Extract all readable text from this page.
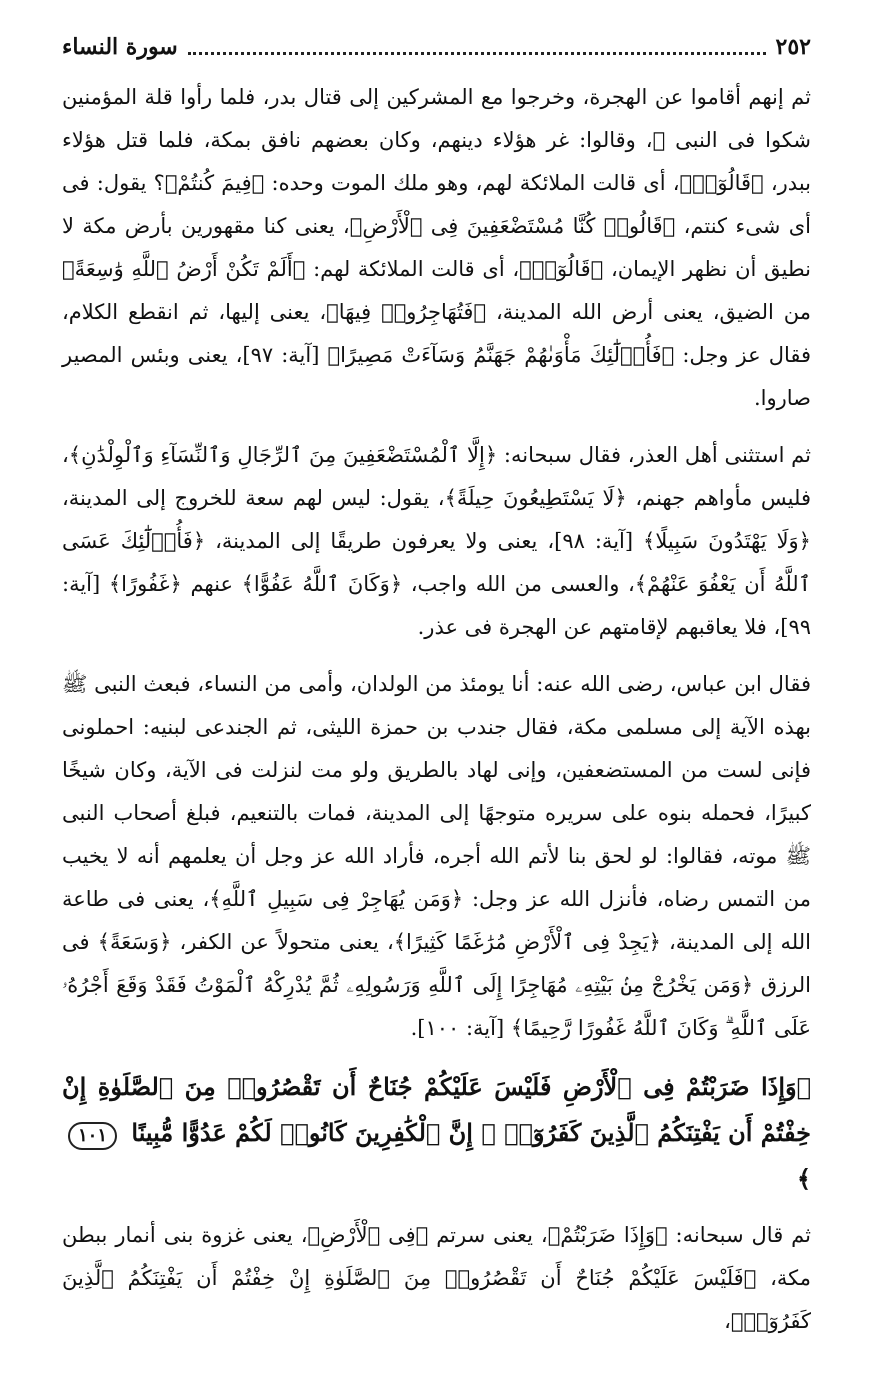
٢٥٢
سورة النساء

ثم إنهم أقاموا عن الهجرة، وخرجوا مع المشركين إلى قتال بدر، فلما رأوا قلة المؤمنين شكوا فى النبى ﷺ، وقالوا: غر هؤلاء دينهم، وكان بعضهم نافق بمكة، فلما قتل هؤلاء ببدر، ﴿قَالُوٓا۟﴾، أى قالت الملائكة لهم، وهو ملك الموت وحده: ﴿فِيمَ كُنتُمْ﴾؟ يقول: فى أى شىء كنتم، ﴿قَالُوا۟ كُنَّا مُسْتَضْعَفِينَ فِى ٱلْأَرْضِ﴾، يعنى كنا مقهورين بأرض مكة لا نطيق أن نظهر الإيمان، ﴿قَالُوٓا۟﴾، أى قالت الملائكة لهم: ﴿أَلَمْ تَكُنْ أَرْضُ ٱللَّهِ وَٰسِعَةً﴾ من الضيق، يعنى أرض الله المدينة، ﴿فَتُهَاجِرُوا۟ فِيهَا﴾، يعنى إليها، ثم انقطع الكلام، فقال عز وجل: ﴿فَأُو۟لَٰٓئِكَ مَأْوَىٰهُمْ جَهَنَّمُ وَسَآءَتْ مَصِيرًا﴾ [آية: ٩٧]، يعنى وبئس المصير صاروا.

ثم استثنى أهل العذر، فقال سبحانه: ﴿إِلَّا ٱلْمُسْتَضْعَفِينَ مِنَ ٱلرِّجَالِ وَٱلنِّسَآءِ وَٱلْوِلْدَٰنِ﴾، فليس مأواهم جهنم، ﴿لَا يَسْتَطِيعُونَ حِيلَةً﴾، يقول: ليس لهم سعة للخروج إلى المدينة، ﴿وَلَا يَهْتَدُونَ سَبِيلًا﴾ [آية: ٩٨]، يعنى ولا يعرفون طريقًا إلى المدينة، ﴿فَأُو۟لَٰٓئِكَ عَسَى ٱللَّهُ أَن يَعْفُوَ عَنْهُمْ﴾، والعسى من الله واجب، ﴿وَكَانَ ٱللَّهُ عَفُوًّا﴾ عنهم ﴿غَفُورًا﴾ [آية: ٩٩]، فلا يعاقبهم لإقامتهم عن الهجرة فى عذر.

فقال ابن عباس، رضى الله عنه: أنا يومئذ من الولدان، وأمى من النساء، فبعث النبى ﷺ بهذه الآية إلى مسلمى مكة، فقال جندب بن حمزة الليثى، ثم الجندعى لبنيه: احملونى فإنى لست من المستضعفين، وإنى لهاد بالطريق ولو مت لنزلت فى الآية، وكان شيخًا كبيرًا، فحمله بنوه على سريره متوجهًا إلى المدينة، فمات بالتنعيم، فبلغ أصحاب النبى ﷺ موته، فقالوا: لو لحق بنا لأتم الله أجره، فأراد الله عز وجل أن يعلمهم أنه لا يخيب من التمس رضاه، فأنزل الله عز وجل: ﴿وَمَن يُهَاجِرْ فِى سَبِيلِ ٱللَّهِ﴾، يعنى فى طاعة الله إلى المدينة، ﴿يَجِدْ فِى ٱلْأَرْضِ مُرَٰغَمًا كَثِيرًا﴾، يعنى متحولاً عن الكفر، ﴿وَسَعَةً﴾ فى الرزق ﴿وَمَن يَخْرُجْ مِنۢ بَيْتِهِۦ مُهَاجِرًا إِلَى ٱللَّهِ وَرَسُولِهِۦ ثُمَّ يُدْرِكْهُ ٱلْمَوْتُ فَقَدْ وَقَعَ أَجْرُهُۥ عَلَى ٱللَّهِ ۗ وَكَانَ ٱللَّهُ غَفُورًا رَّحِيمًا﴾ [آية: ١٠٠].

﴿وَإِذَا ضَرَبْتُمْ فِى ٱلْأَرْضِ فَلَيْسَ عَلَيْكُمْ جُنَاحٌ أَن تَقْصُرُوا۟ مِنَ ٱلصَّلَوٰةِ إِنْ خِفْتُمْ أَن يَفْتِنَكُمُ ٱلَّذِينَ كَفَرُوٓا۟ ۚ إِنَّ ٱلْكَٰفِرِينَ كَانُوا۟ لَكُمْ عَدُوًّا مُّبِينًا ١٠١ ﴾

ثم قال سبحانه: ﴿وَإِذَا ضَرَبْتُمْ﴾، يعنى سرتم ﴿فِى ٱلْأَرْضِ﴾، يعنى غزوة بنى أنمار ببطن مكة، ﴿فَلَيْسَ عَلَيْكُمْ جُنَاحٌ أَن تَقْصُرُوا۟ مِنَ ٱلصَّلَوٰةِ إِنْ خِفْتُمْ أَن يَفْتِنَكُمُ ٱلَّذِينَ كَفَرُوٓا۟﴾،
